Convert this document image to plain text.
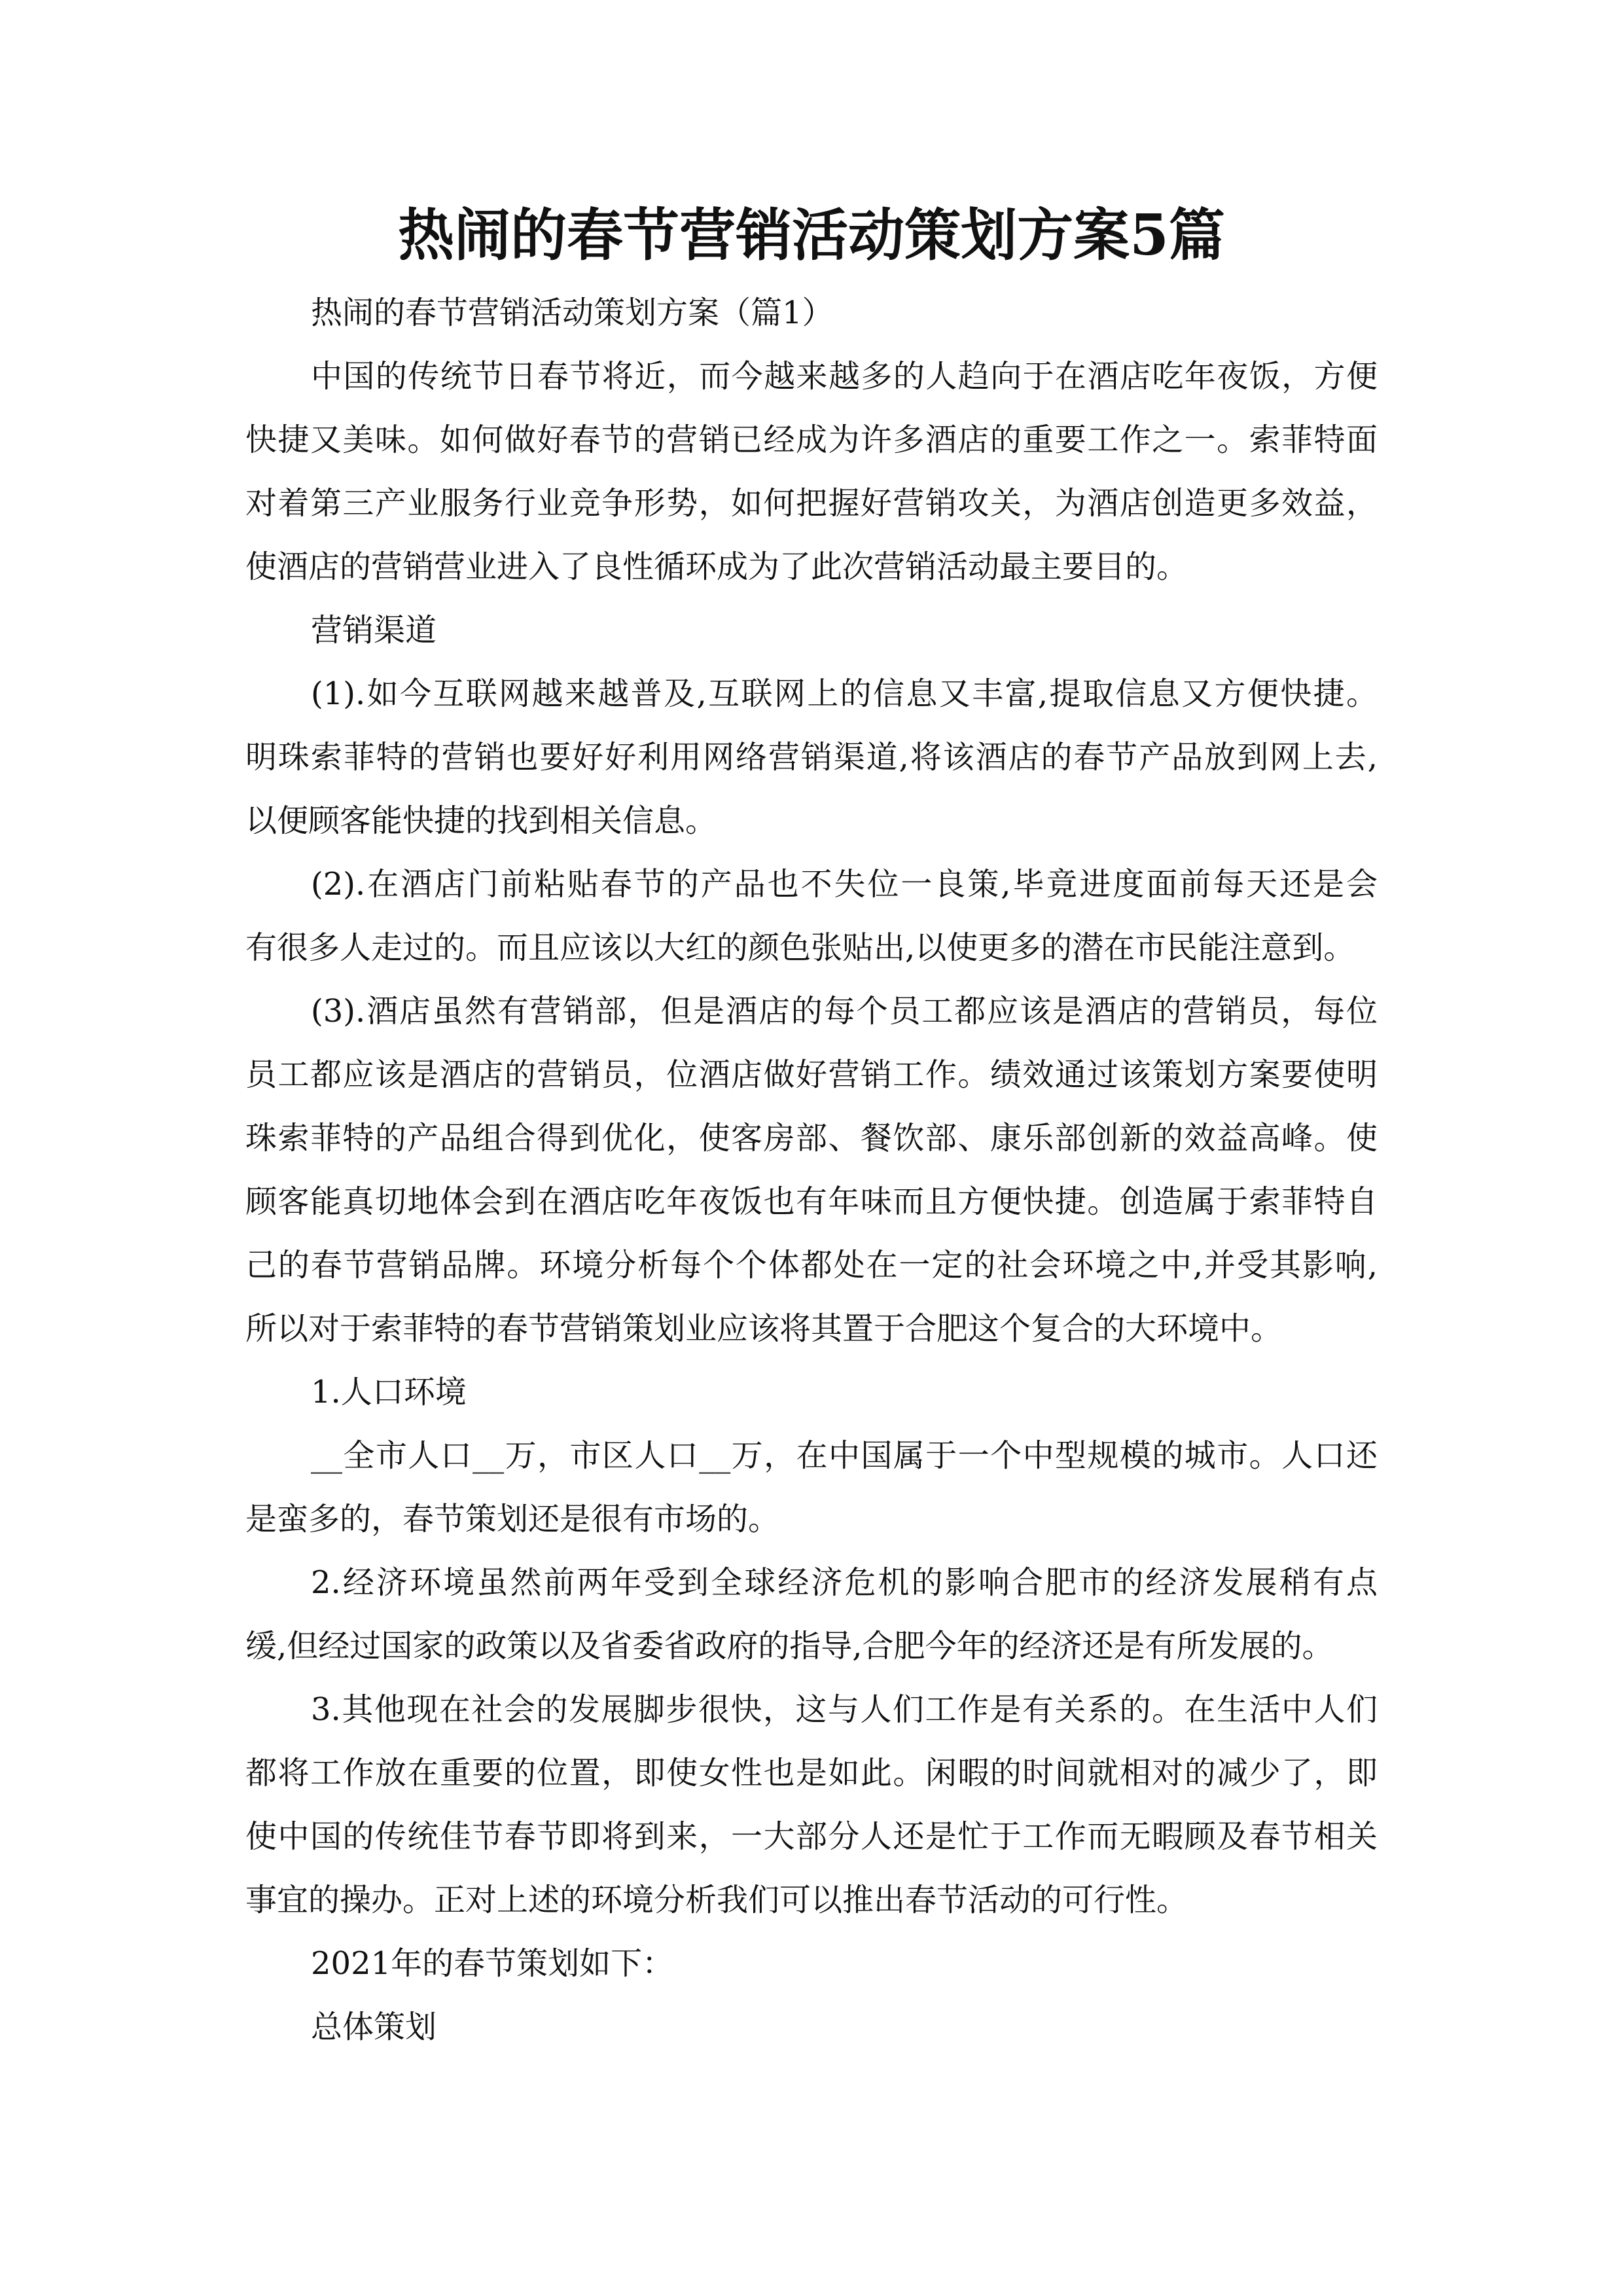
热闹的春节营销活动策划方案5篇
热闹的春节营销活动策划方案（篇1）
中国的传统节日春节将近，而今越来越多的人趋向于在酒店吃年夜饭，方便
快捷又美味。如何做好春节的营销已经成为许多酒店的重要工作之一。索菲特面
对着第三产业服务行业竞争形势，如何把握好营销攻关，为酒店创造更多效益，
使酒店的营销营业进入了良性循环成为了此次营销活动最主要目的。
营销渠道
(1).如今互联网越来越普及,互联网上的信息又丰富,提取信息又方便快捷。
明珠索菲特的营销也要好好利用网络营销渠道,将该酒店的春节产品放到网上去,
以便顾客能快捷的找到相关信息。
(2).在酒店门前粘贴春节的产品也不失位一良策,毕竟进度面前每天还是会
有很多人走过的。而且应该以大红的颜色张贴出,以使更多的潜在市民能注意到。
(3).酒店虽然有营销部，但是酒店的每个员工都应该是酒店的营销员，每位
员工都应该是酒店的营销员，位酒店做好营销工作。绩效通过该策划方案要使明
珠索菲特的产品组合得到优化，使客房部、餐饮部、康乐部创新的效益高峰。使
顾客能真切地体会到在酒店吃年夜饭也有年味而且方便快捷。创造属于索菲特自
己的春节营销品牌。环境分析每个个体都处在一定的社会环境之中,并受其影响,
所以对于索菲特的春节营销策划业应该将其置于合肥这个复合的大环境中。
1.人口环境
__全市人口__万，市区人口__万，在中国属于一个中型规模的城市。人口还
是蛮多的，春节策划还是很有市场的。
2.经济环境虽然前两年受到全球经济危机的影响合肥市的经济发展稍有点
缓,但经过国家的政策以及省委省政府的指导,合肥今年的经济还是有所发展的。
3.其他现在社会的发展脚步很快，这与人们工作是有关系的。在生活中人们
都将工作放在重要的位置，即使女性也是如此。闲暇的时间就相对的减少了，即
使中国的传统佳节春节即将到来，一大部分人还是忙于工作而无暇顾及春节相关
事宜的操办。正对上述的环境分析我们可以推出春节活动的可行性。
2021年的春节策划如下：
总体策划
